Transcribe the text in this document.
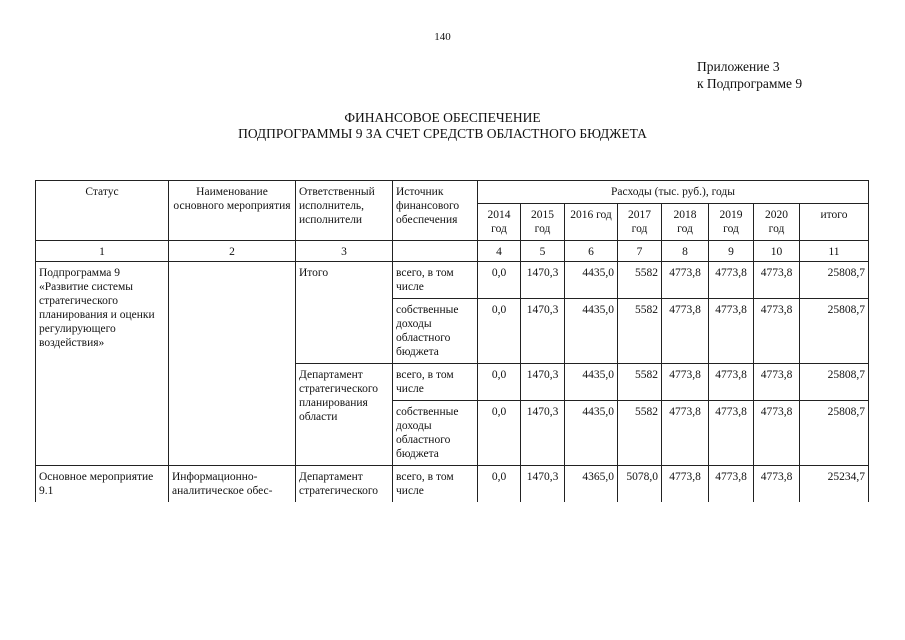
140
Приложение 3
к Подпрограмме 9
ФИНАНСОВОЕ ОБЕСПЕЧЕНИЕ
ПОДПРОГРАММЫ 9 ЗА СЧЕТ СРЕДСТВ ОБЛАСТНОГО БЮДЖЕТА
Статус	Наименование основного мероприятия	Ответственный исполнитель, исполнители	Источник финансового обеспечения	Расходы (тыс. руб.), годы							
				2014 год	2015 год	2016 год	2017 год	2018 год	2019 год	2020 год	итого
1	2	3		4	5	6	7	8	9	10	11
Подпрограмма 9 «Развитие системы стратегического планирования и оценки регулирующего воздействия»		Итого	всего, в том числе	0,0	1470,3	4435,0	5582	4773,8	4773,8	4773,8	25808,7
			собственные доходы областного бюджета	0,0	1470,3	4435,0	5582	4773,8	4773,8	4773,8	25808,7
		Департамент стратегического планирования области	всего, в том числе	0,0	1470,3	4435,0	5582	4773,8	4773,8	4773,8	25808,7
			собственные доходы областного бюджета	0,0	1470,3	4435,0	5582	4773,8	4773,8	4773,8	25808,7
Основное мероприятие 9.1	Информационно-аналитическое обес-	Департамент стратегического	всего, в том числе	0,0	1470,3	4365,0	5078,0	4773,8	4773,8	4773,8	25234,7
